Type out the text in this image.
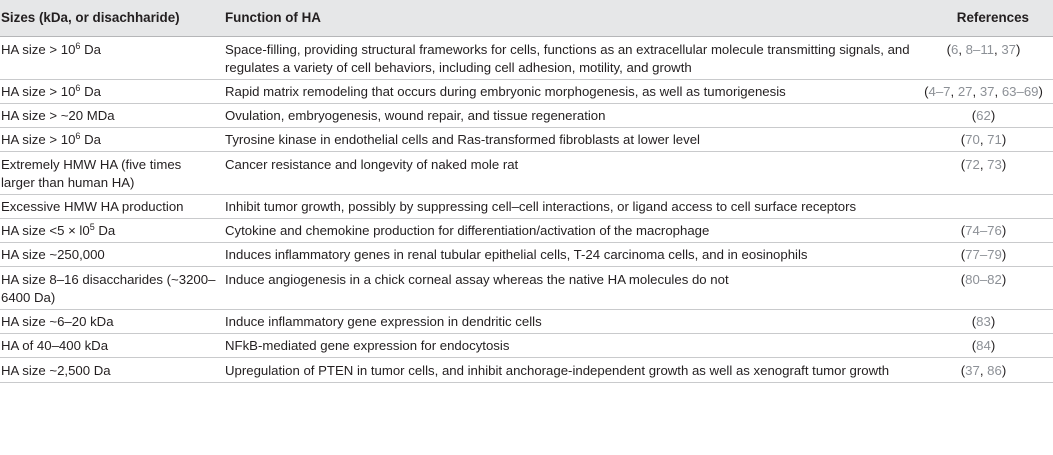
Sizes (kDa, or disachharide)	Function of HA	References
HA size > $10^6$ Da	Space-filling, providing structural frameworks for cells, functions as an extracellular molecule transmitting signals, and regulates a variety of cell behaviors, including cell adhesion, motility, and growth	(6, 8–11, 37)
HA size > $10^6$ Da	Rapid matrix remodeling that occurs during embryonic morphogenesis, as well as tumorigenesis	(4–7, 27, 37, 63–69)
HA size > ~20 MDa	Ovulation, embryogenesis, wound repair, and tissue regeneration	(62)
HA size > $10^6$ Da	Tyrosine kinase in endothelial cells and Ras-transformed fibroblasts at lower level	(70, 71)
Extremely HMW HA (five times larger than human HA)	Cancer resistance and longevity of naked mole rat	(72, 73)
Excessive HMW HA production	Inhibit tumor growth, possibly by suppressing cell–cell interactions, or ligand access to cell surface receptors	
HA size $<5 \times l0^5$ Da	Cytokine and chemokine production for differentiation/activation of the macrophage	(74–76)
HA size ~250,000	Induces inflammatory genes in renal tubular epithelial cells, T-24 carcinoma cells, and in eosinophils	(77–79)
HA size 8–16 disaccharides (~3200–6400 Da)	Induce angiogenesis in a chick corneal assay whereas the native HA molecules do not	(80–82)
HA size ~6–20 kDa	Induce inflammatory gene expression in dendritic cells	(83)
HA of 40–400 kDa	NFkB-mediated gene expression for endocytosis	(84)
HA size ~2,500 Da	Upregulation of PTEN in tumor cells, and inhibit anchorage-independent growth as well as xenograft tumor growth	(37, 86)
